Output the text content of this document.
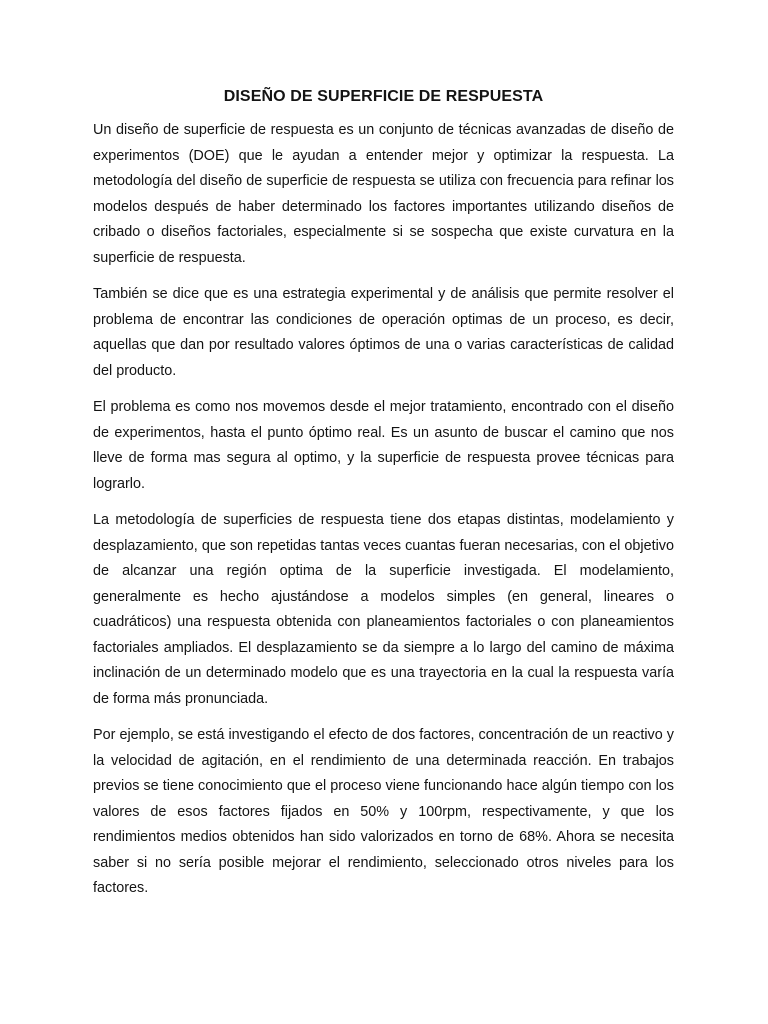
DISEÑO DE SUPERFICIE DE RESPUESTA

Un diseño de superficie de respuesta es un conjunto de técnicas avanzadas de diseño de experimentos (DOE) que le ayudan a entender mejor y optimizar la respuesta. La metodología del diseño de superficie de respuesta se utiliza con frecuencia para refinar los modelos después de haber determinado los factores importantes utilizando diseños de cribado o diseños factoriales, especialmente si se sospecha que existe curvatura en la superficie de respuesta.

También se dice que es una estrategia experimental y de análisis que permite resolver el problema de encontrar las condiciones de operación optimas de un proceso, es decir, aquellas que dan por resultado valores óptimos de una o varias características de calidad del producto.

El problema es como nos movemos desde el mejor tratamiento, encontrado con el diseño de experimentos, hasta el punto óptimo real. Es un asunto de buscar el camino que nos lleve de forma mas segura al optimo, y la superficie de respuesta provee técnicas para lograrlo.

La metodología de superficies de respuesta tiene dos etapas distintas, modelamiento y desplazamiento, que son repetidas tantas veces cuantas fueran necesarias, con el objetivo de alcanzar una región optima de la superficie investigada. El modelamiento, generalmente es hecho ajustándose a modelos simples (en general, lineares o cuadráticos) una respuesta obtenida con planeamientos factoriales o con planeamientos factoriales ampliados. El desplazamiento se da siempre a lo largo del camino de máxima inclinación de un determinado modelo que es una trayectoria en la cual la respuesta varía de forma más pronunciada.

Por ejemplo, se está investigando el efecto de dos factores, concentración de un reactivo y la velocidad de agitación, en el rendimiento de una determinada reacción. En trabajos previos se tiene conocimiento que el proceso viene funcionando hace algún tiempo con los valores de esos factores fijados en 50% y 100rpm, respectivamente, y que los rendimientos medios obtenidos han sido valorizados en torno de 68%. Ahora se necesita saber si no sería posible mejorar el rendimiento, seleccionado otros niveles para los factores.
